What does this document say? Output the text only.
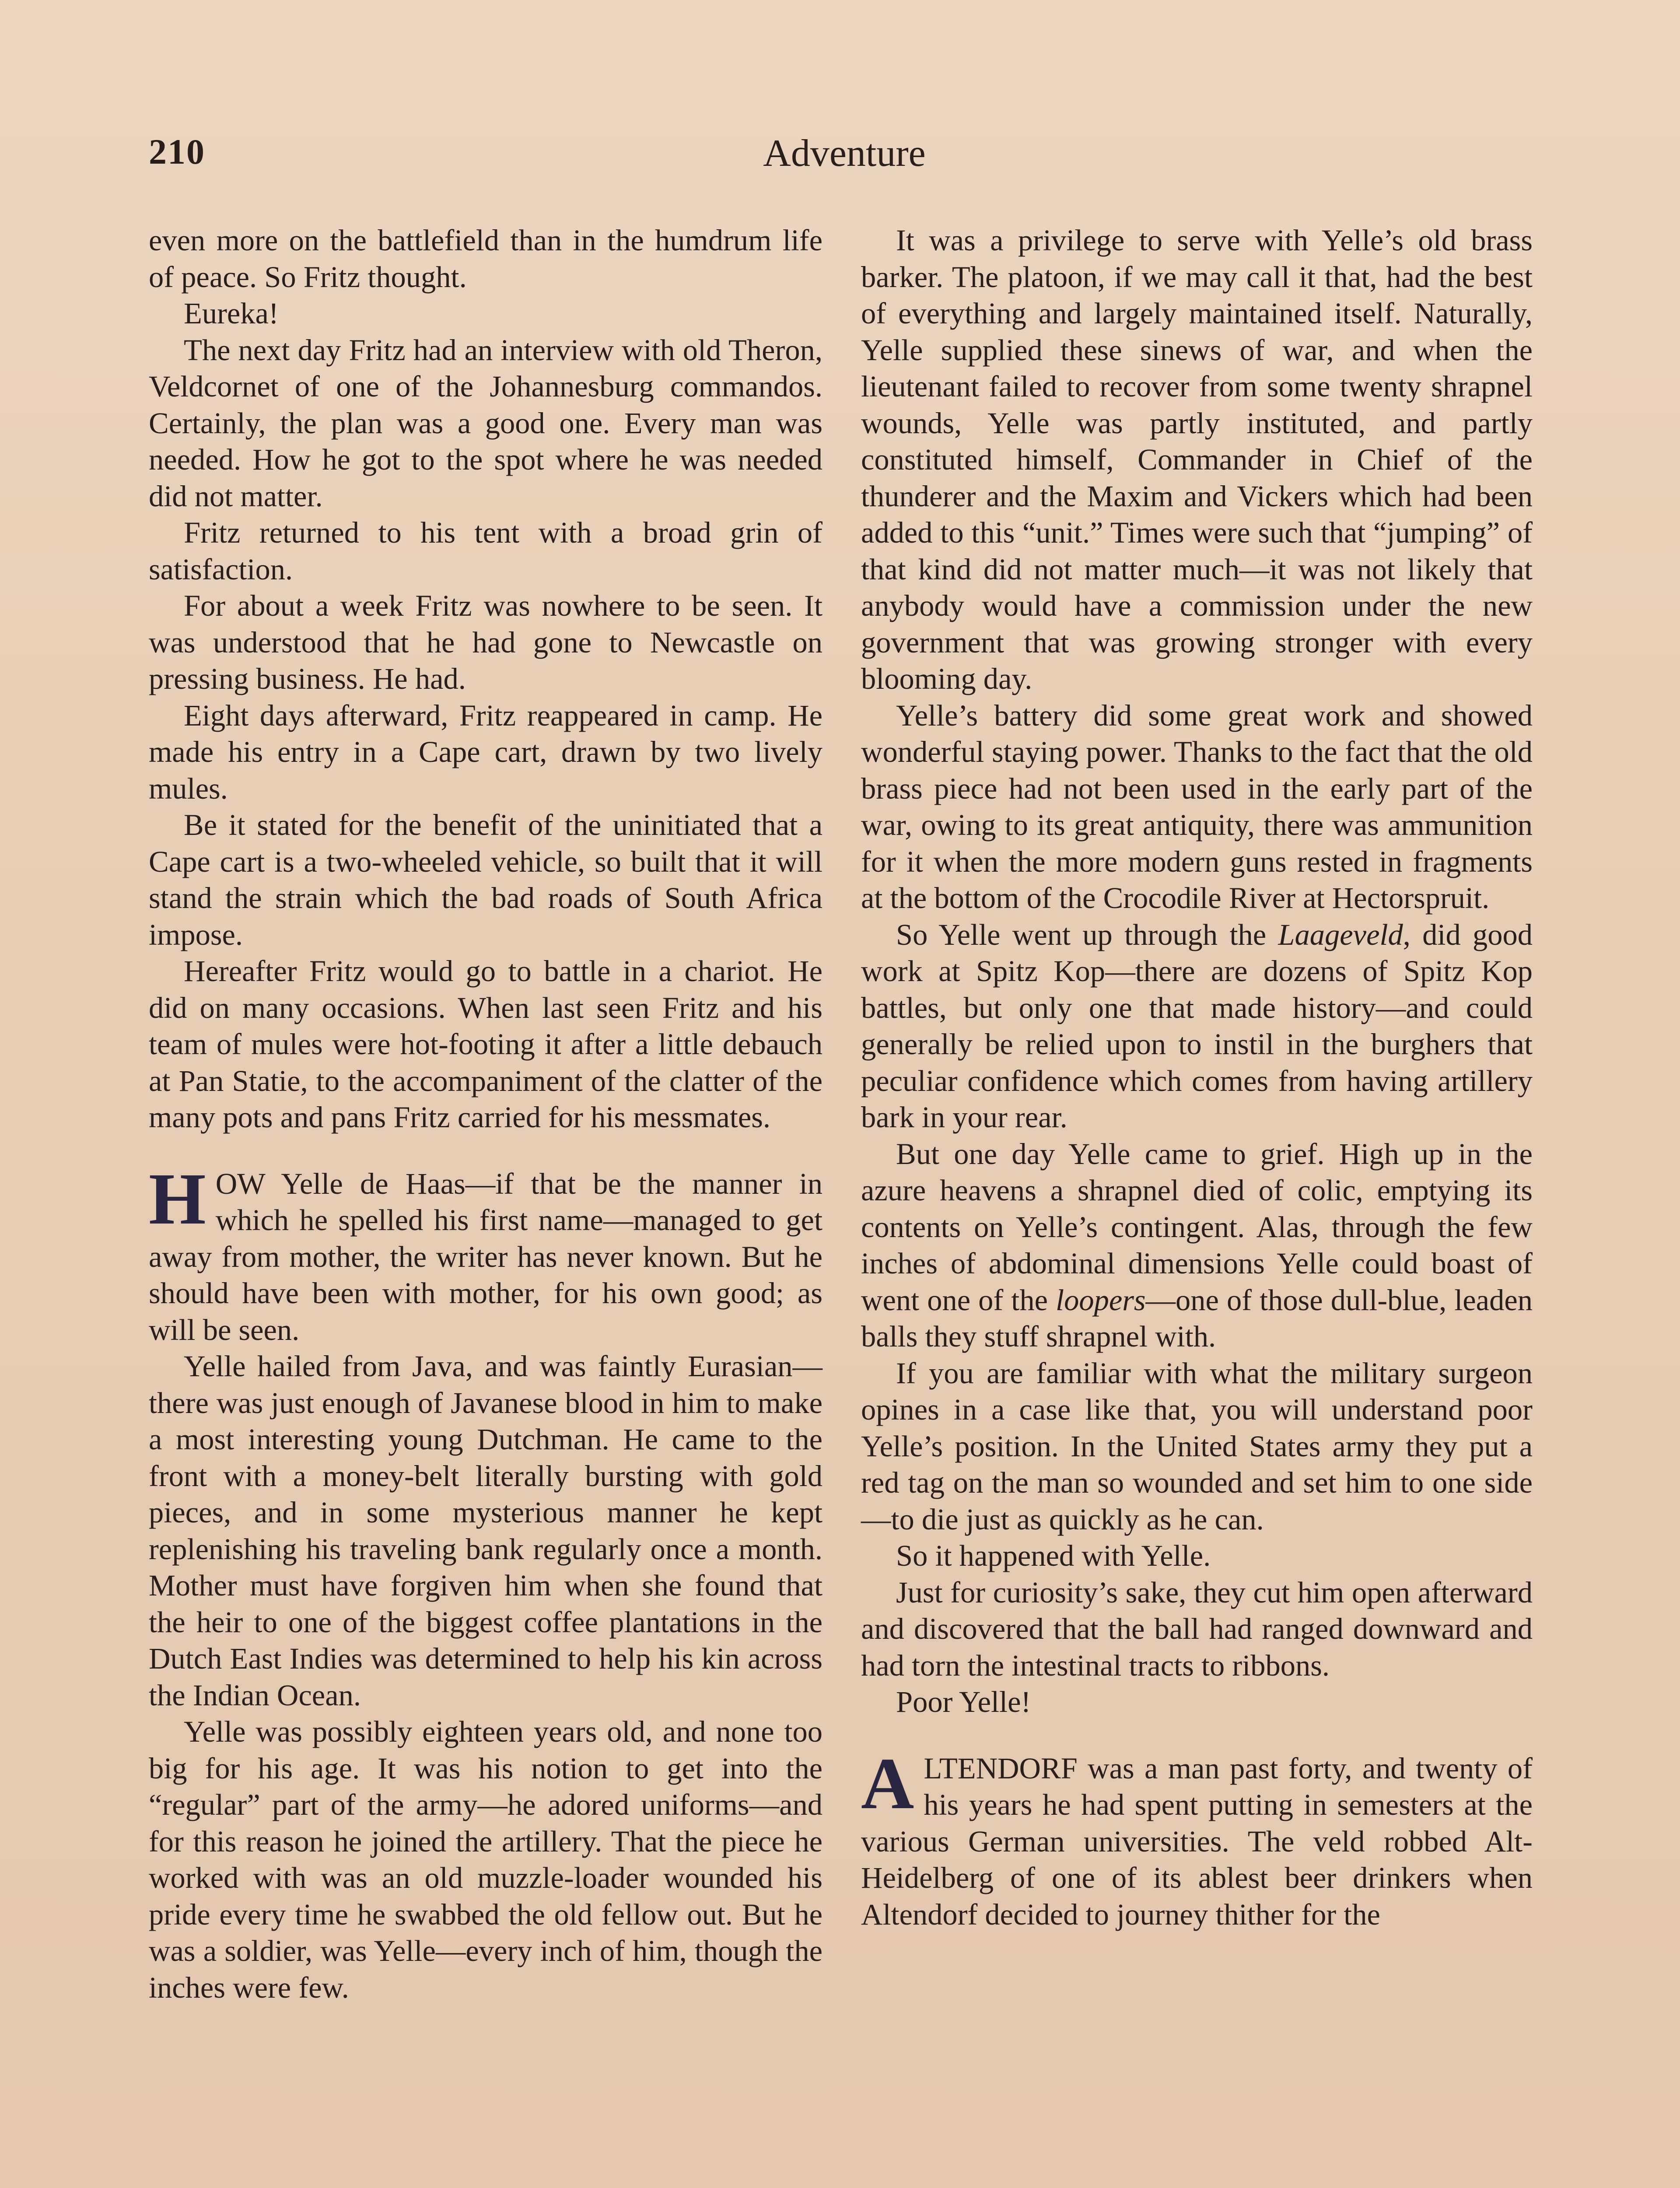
210	Adventure

even more on the battlefield than in the humdrum life of peace. So Fritz thought.

Eureka!

The next day Fritz had an interview with old Theron, Veldcornet of one of the Johannesburg commandos. Certainly, the plan was a good one. Every man was needed. How he got to the spot where he was needed did not matter.

Fritz returned to his tent with a broad grin of satisfaction.

For about a week Fritz was nowhere to be seen. It was understood that he had gone to Newcastle on pressing business. He had.

Eight days afterward, Fritz reappeared in camp. He made his entry in a Cape cart, drawn by two lively mules.

Be it stated for the benefit of the uninitiated that a Cape cart is a two-wheeled vehicle, so built that it will stand the strain which the bad roads of South Africa impose.

Hereafter Fritz would go to battle in a chariot. He did on many occasions. When last seen Fritz and his team of mules were hot-footing it after a little debauch at Pan Statie, to the accompaniment of the clatter of the many pots and pans Fritz carried for his messmates.

HOW Yelle de Haas—if that be the manner in which he spelled his first name—managed to get away from mother, the writer has never known. But he should have been with mother, for his own good; as will be seen.

Yelle hailed from Java, and was faintly Eurasian—there was just enough of Javanese blood in him to make a most interesting young Dutchman. He came to the front with a money-belt literally bursting with gold pieces, and in some mysterious manner he kept replenishing his traveling bank regularly once a month. Mother must have forgiven him when she found that the heir to one of the biggest coffee plantations in the Dutch East Indies was determined to help his kin across the Indian Ocean.

Yelle was possibly eighteen years old, and none too big for his age. It was his notion to get into the “regular” part of the army—he adored uniforms—and for this reason he joined the artillery. That the piece he worked with was an old muzzle-loader wounded his pride every time he swabbed the old fellow out. But he was a soldier, was Yelle—every inch of him, though the inches were few.

It was a privilege to serve with Yelle’s old brass barker. The platoon, if we may call it that, had the best of everything and largely maintained itself. Naturally, Yelle supplied these sinews of war, and when the lieutenant failed to recover from some twenty shrapnel wounds, Yelle was partly instituted, and partly constituted himself, Commander in Chief of the thunderer and the Maxim and Vickers which had been added to this “unit.” Times were such that “jumping” of that kind did not matter much—it was not likely that anybody would have a commission under the new government that was growing stronger with every blooming day.

Yelle’s battery did some great work and showed wonderful staying power. Thanks to the fact that the old brass piece had not been used in the early part of the war, owing to its great antiquity, there was ammunition for it when the more modern guns rested in fragments at the bottom of the Crocodile River at Hectorspruit.

So Yelle went up through the Laageveld, did good work at Spitz Kop—there are dozens of Spitz Kop battles, but only one that made history—and could generally be relied upon to instil in the burghers that peculiar confidence which comes from having artillery bark in your rear.

But one day Yelle came to grief. High up in the azure heavens a shrapnel died of colic, emptying its contents on Yelle’s contingent. Alas, through the few inches of abdominal dimensions Yelle could boast of went one of the loopers—one of those dull-blue, leaden balls they stuff shrapnel with.

If you are familiar with what the military surgeon opines in a case like that, you will understand poor Yelle’s position. In the United States army they put a red tag on the man so wounded and set him to one side—to die just as quickly as he can.

So it happened with Yelle.

Just for curiosity’s sake, they cut him open afterward and discovered that the ball had ranged downward and had torn the intestinal tracts to ribbons.

Poor Yelle!

ALTENDORF was a man past forty, and twenty of his years he had spent putting in semesters at the various German universities. The veld robbed Alt-Heidelberg of one of its ablest beer drinkers when Altendorf decided to journey thither for the
